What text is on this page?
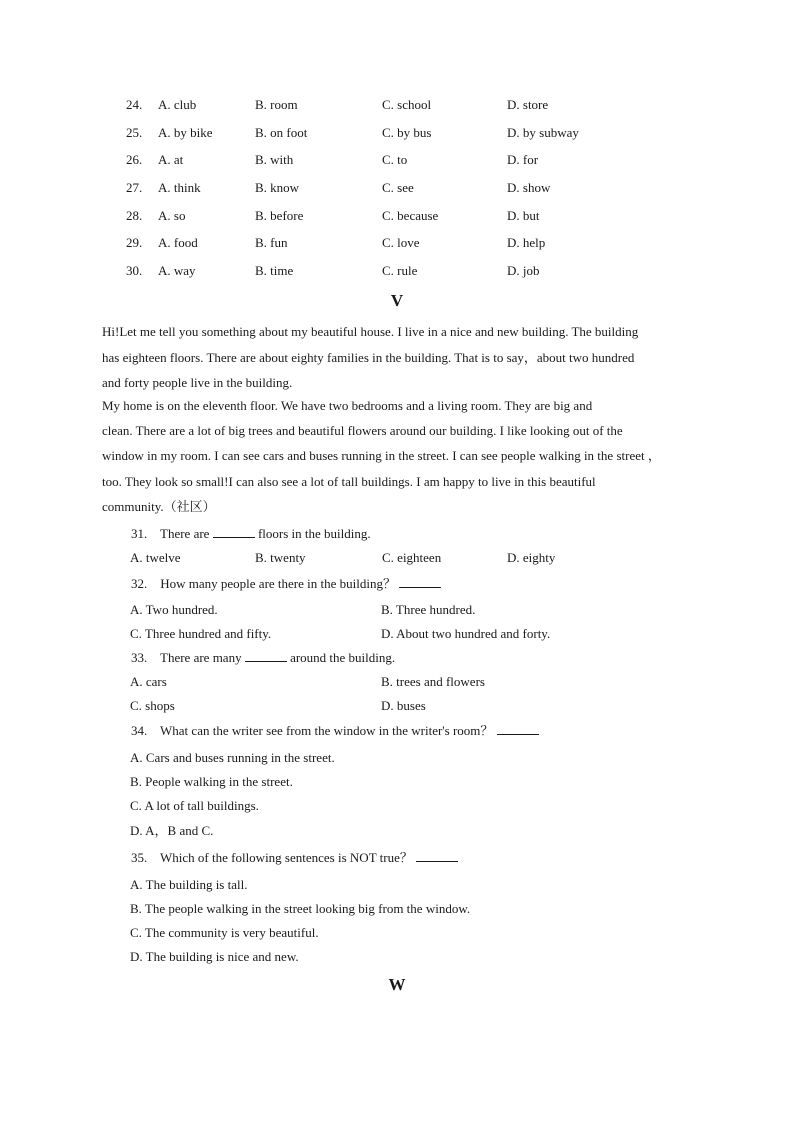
24. A. club	B. room	C. school	D. store
25. A. by bike	B. on foot	C. by bus	D. by subway
26. A. at	B. with	C. to	D. for
27. A. think	B. know	C. see	D. show
28. A. so	B. before	C. because	D. but
29. A. food	B. fun	C. love	D. help
30. A. way	B. time	C. rule	D. job
V
Hi!Let me tell you something about my beautiful house. I live in a nice and new building. The building
has eighteen floors. There are about eighty families in the building. That is to say，about two hundred
and forty people live in the building.
My home is on the eleventh floor. We have two bedrooms and a living room. They are big and
clean. There are a lot of big trees and beautiful flowers around our building. I like looking out of the
window in my room. I can see cars and buses running in the street. I can see people walking in the street ，
too. They look so small!I can also see a lot of tall buildings. I am happy to live in this beautiful
community.（社区）
31. There are	floors in the building.
A. twelve	B. twenty	C. eighteen	D. eighty
32. How many people are there in the building？
A. Two hundred.	B. Three hundred.
C. Three hundred and fifty.	D. About two hundred and forty.
33. There are many	around the building.
A. cars	B. trees and flowers
C. shops	D. buses
34. What can the writer see from the window in the writer's room？
A. Cars and buses running in the street.
B. People walking in the street.
C. A lot of tall buildings.
D. A，B and C.
35. Which of the following sentences is NOT true？
A. The building is tall.
B. The people walking in the street looking big from the window.
C. The community is very beautiful.
D. The building is nice and new.
W
